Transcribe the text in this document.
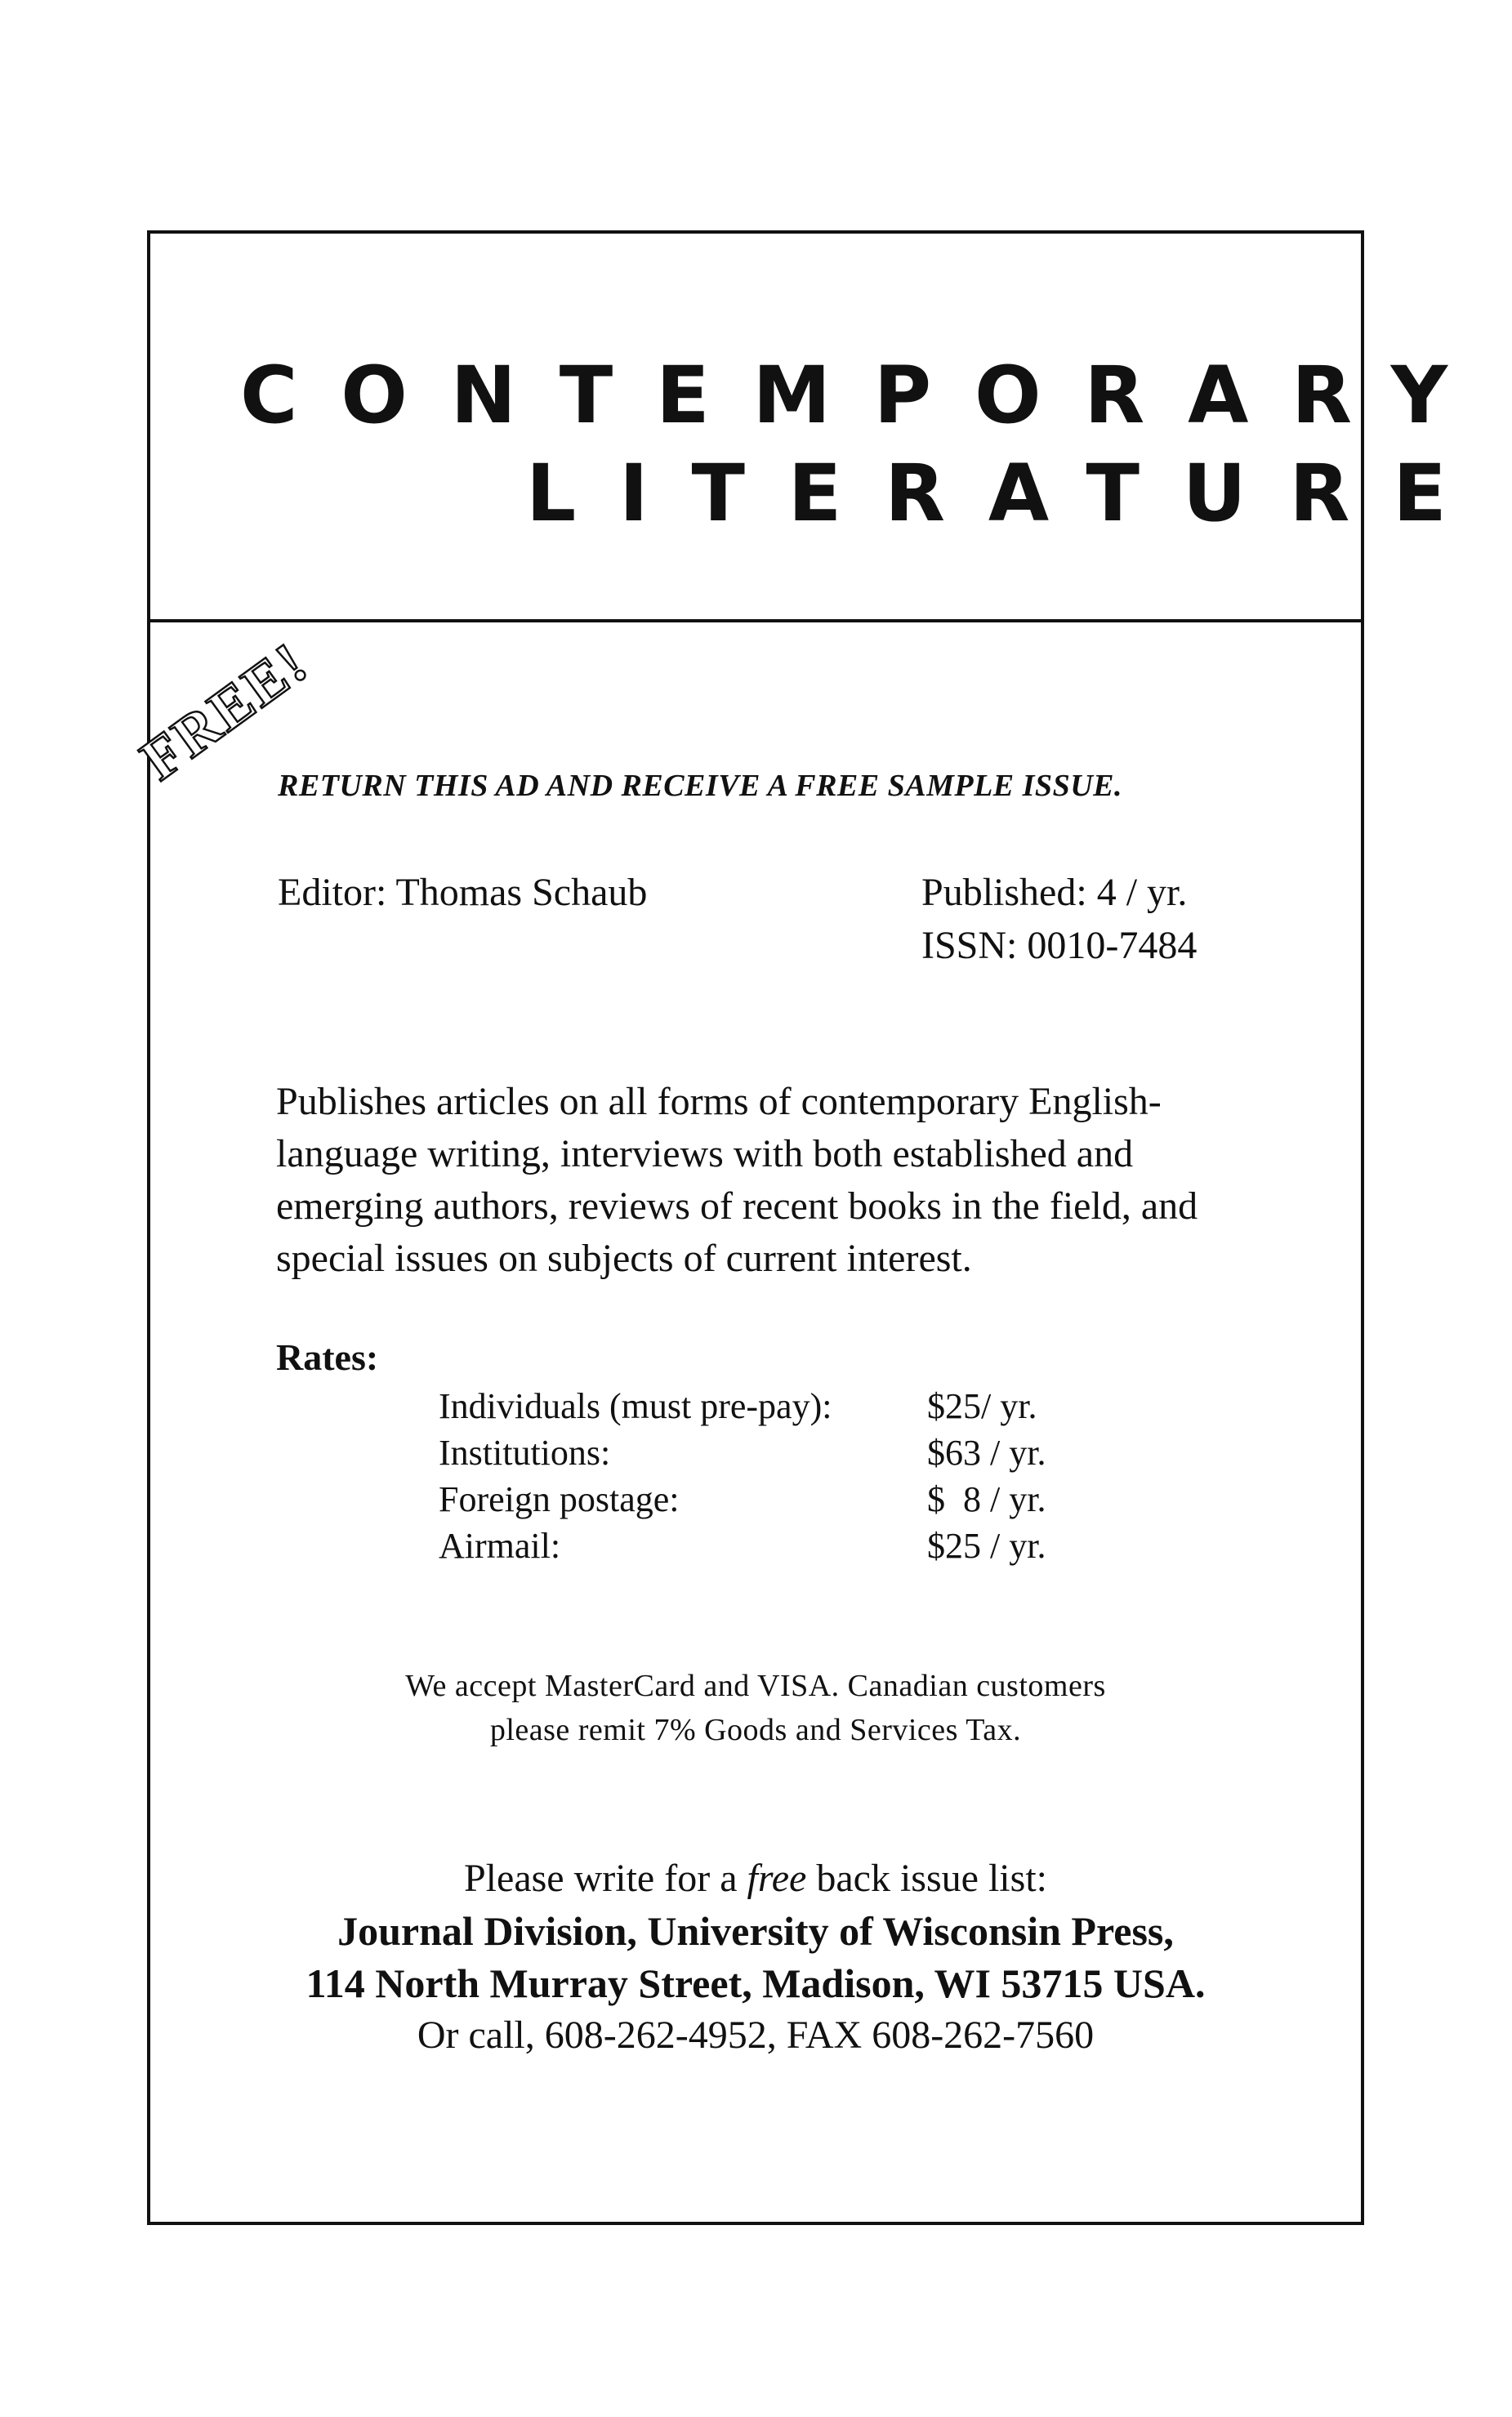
CONTEMPORARY
LITERATURE
FREE!
RETURN THIS AD AND RECEIVE A FREE SAMPLE ISSUE.
Editor: Thomas Schaub	Published: 4 / yr.
ISSN: 0010-7484

Publishes articles on all forms of contemporary English-
language writing, interviews with both established and
emerging authors, reviews of recent books in the field, and
special issues on subjects of current interest.

Rates:
Individuals (must pre-pay):	$25/ yr.
Institutions:	$63 / yr.
Foreign postage:	$  8 / yr.
Airmail:	$25 / yr.
We accept MasterCard and VISA. Canadian customers
please remit 7% Goods and Services Tax.
Please write for a free back issue list:
Journal Division, University of Wisconsin Press,
114 North Murray Street, Madison, WI 53715 USA.
Or call, 608-262-4952, FAX 608-262-7560
